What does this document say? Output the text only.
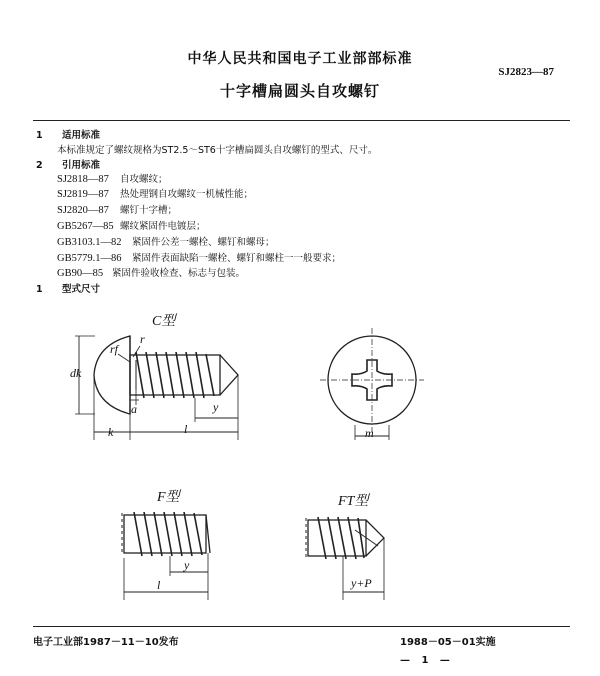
中华人民共和国电子工业部部标准
SJ2823—87
十字槽扁圆头自攻螺钉
1 适用标准
本标准规定了螺纹规格为ST2.5～ST6十字槽扁圆头自攻螺钉的型式、尺寸。
2 引用标准
SJ2818—87 自攻螺纹；
SJ2819—87 热处理钢自攻螺纹一机械性能；
SJ2820—87 螺钉十字槽；
GB5267—85 螺纹紧固件电镀层；
GB3103.1—82 紧固件公差一螺栓、螺钉和螺母；
GB5779.1—86 紧固件表面缺陷一螺栓、螺钉和螺柱一一般要求；
GB90—85 紧固件验收检查、标志与包装。
1 型式尺寸
C型
dk
rf
r
a	y
k	l	m
F型
y
l
FT型
y+P
电子工业部1987－11－10发布	1988－05－01实施
— 1 —
